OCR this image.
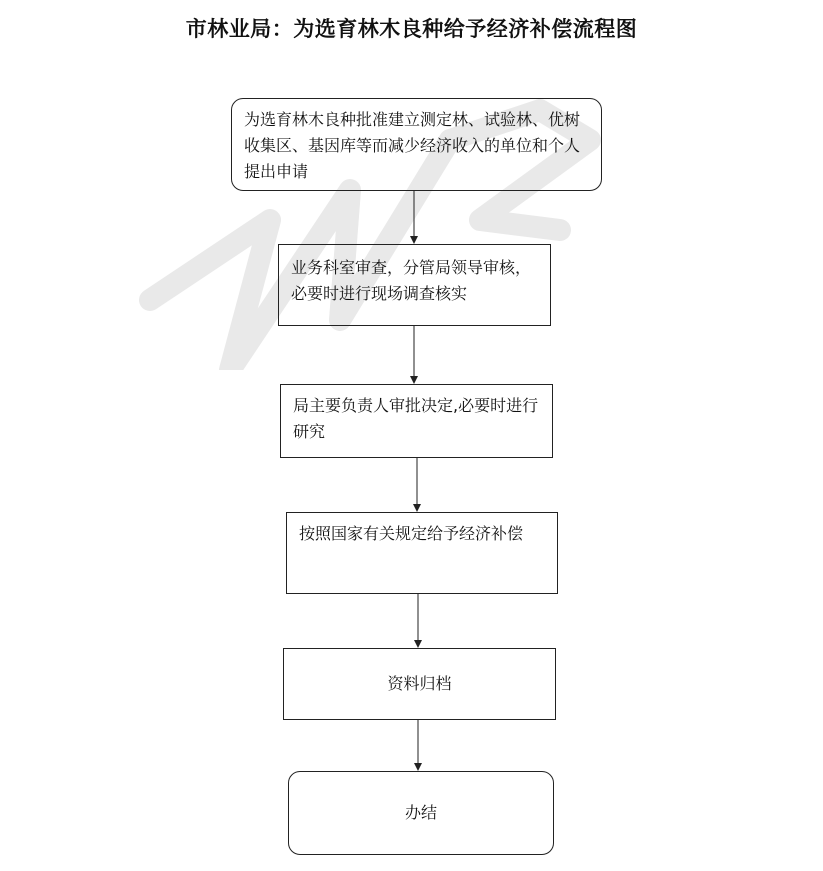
市林业局：为选育林木良种给予经济补偿流程图
为选育林木良种批准建立测定林、试验林、优树收集区、基因库等而减少经济收入的单位和个人提出申请
业务科室审查，分管局领导审核，必要时进行现场调查核实
局主要负责人审批决定,必要时进行研究
按照国家有关规定给予经济补偿
资料归档
办结
